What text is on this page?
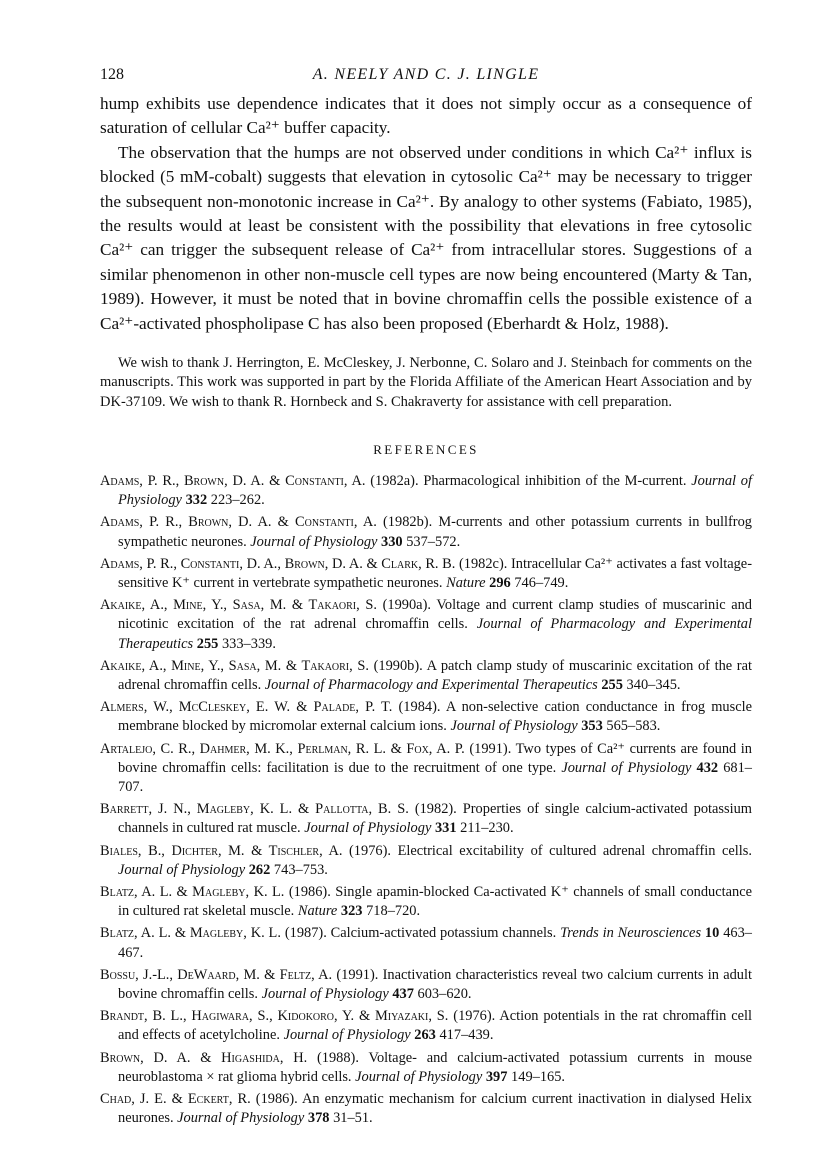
128	A. NEELY AND C. J. LINGLE

hump exhibits use dependence indicates that it does not simply occur as a consequence of saturation of cellular Ca²⁺ buffer capacity.

The observation that the humps are not observed under conditions in which Ca²⁺ influx is blocked (5 mM-cobalt) suggests that elevation in cytosolic Ca²⁺ may be necessary to trigger the subsequent non-monotonic increase in Ca²⁺. By analogy to other systems (Fabiato, 1985), the results would at least be consistent with the possibility that elevations in free cytosolic Ca²⁺ can trigger the subsequent release of Ca²⁺ from intracellular stores. Suggestions of a similar phenomenon in other non-muscle cell types are now being encountered (Marty & Tan, 1989). However, it must be noted that in bovine chromaffin cells the possible existence of a Ca²⁺-activated phospholipase C has also been proposed (Eberhardt & Holz, 1988).

We wish to thank J. Herrington, E. McCleskey, J. Nerbonne, C. Solaro and J. Steinbach for comments on the manuscripts. This work was supported in part by the Florida Affiliate of the American Heart Association and by DK-37109. We wish to thank R. Hornbeck and S. Chakraverty for assistance with cell preparation.
REFERENCES
Adams, P. R., Brown, D. A. & Constanti, A. (1982a). Pharmacological inhibition of the M-current. Journal of Physiology 332 223–262.
Adams, P. R., Brown, D. A. & Constanti, A. (1982b). M-currents and other potassium currents in bullfrog sympathetic neurones. Journal of Physiology 330 537–572.
Adams, P. R., Constanti, D. A., Brown, D. A. & Clark, R. B. (1982c). Intracellular Ca²⁺ activates a fast voltage-sensitive K⁺ current in vertebrate sympathetic neurones. Nature 296 746–749.
Akaike, A., Mine, Y., Sasa, M. & Takaori, S. (1990a). Voltage and current clamp studies of muscarinic and nicotinic excitation of the rat adrenal chromaffin cells. Journal of Pharmacology and Experimental Therapeutics 255 333–339.
Akaike, A., Mine, Y., Sasa, M. & Takaori, S. (1990b). A patch clamp study of muscarinic excitation of the rat adrenal chromaffin cells. Journal of Pharmacology and Experimental Therapeutics 255 340–345.
Almers, W., McCleskey, E. W. & Palade, P. T. (1984). A non-selective cation conductance in frog muscle membrane blocked by micromolar external calcium ions. Journal of Physiology 353 565–583.
Artalejo, C. R., Dahmer, M. K., Perlman, R. L. & Fox, A. P. (1991). Two types of Ca²⁺ currents are found in bovine chromaffin cells: facilitation is due to the recruitment of one type. Journal of Physiology 432 681–707.
Barrett, J. N., Magleby, K. L. & Pallotta, B. S. (1982). Properties of single calcium-activated potassium channels in cultured rat muscle. Journal of Physiology 331 211–230.
Biales, B., Dichter, M. & Tischler, A. (1976). Electrical excitability of cultured adrenal chromaffin cells. Journal of Physiology 262 743–753.
Blatz, A. L. & Magleby, K. L. (1986). Single apamin-blocked Ca-activated K⁺ channels of small conductance in cultured rat skeletal muscle. Nature 323 718–720.
Blatz, A. L. & Magleby, K. L. (1987). Calcium-activated potassium channels. Trends in Neurosciences 10 463–467.
Bossu, J.-L., DeWaard, M. & Feltz, A. (1991). Inactivation characteristics reveal two calcium currents in adult bovine chromaffin cells. Journal of Physiology 437 603–620.
Brandt, B. L., Hagiwara, S., Kidokoro, Y. & Miyazaki, S. (1976). Action potentials in the rat chromaffin cell and effects of acetylcholine. Journal of Physiology 263 417–439.
Brown, D. A. & Higashida, H. (1988). Voltage- and calcium-activated potassium currents in mouse neuroblastoma × rat glioma hybrid cells. Journal of Physiology 397 149–165.
Chad, J. E. & Eckert, R. (1986). An enzymatic mechanism for calcium current inactivation in dialysed Helix neurones. Journal of Physiology 378 31–51.
